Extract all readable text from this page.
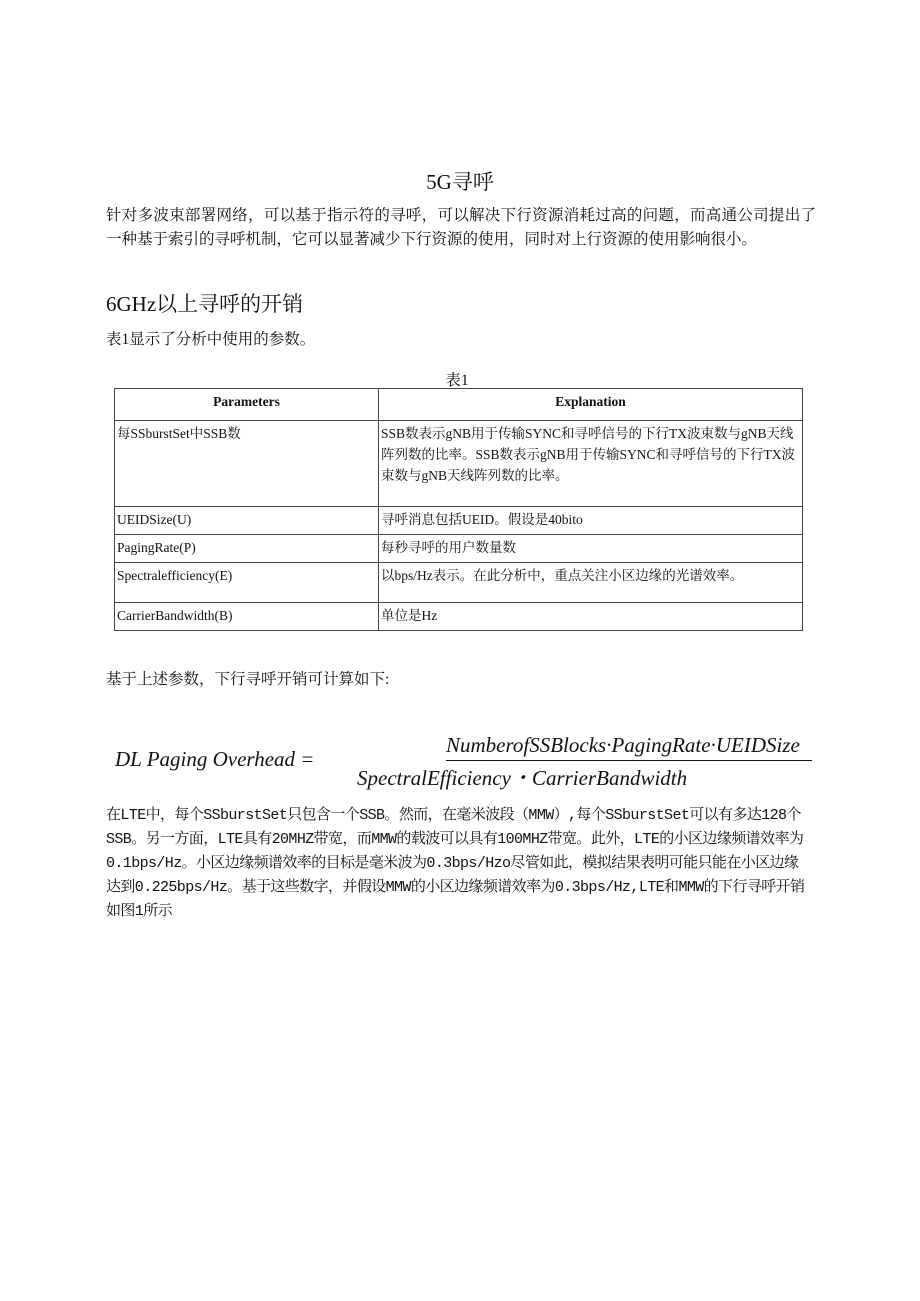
5G寻呼
针对多波束部署网络，可以基于指示符的寻呼，可以解决下行资源消耗过高的问题，而高通公司提出了一种基于索引的寻呼机制，它可以显著减少下行资源的使用，同时对上行资源的使用影响很小。
6GHz以上寻呼的开销
表1显示了分析中使用的参数。
表1
Parameters	Explanation
每SSburstSet中SSB数	SSB数表示gNB用于传输SYNC和寻呼信号的下行TX波束数与gNB天线阵列数的比率。SSB数表示gNB用于传输SYNC和寻呼信号的下行TX波束数与gNB天线阵列数的比率。
UEIDSize(U)	寻呼消息包括UEID。假设是40bito
PagingRate(P)	每秒寻呼的用户数量数
Spectralefficiency(E)	以bps/Hz表示。在此分析中，重点关注小区边缘的光谱效率。
CarrierBandwidth(B)	单位是Hz
基于上述参数，下行寻呼开销可计算如下:
DL Paging Overhead =
NumberofSSBlocks·PagingRate·UEIDSize
SpectralEfficiency・CarrierBandwidth
在LTE中，每个SSburstSet只包含一个SSB。然而，在毫米波段（MMW）,每个SSburstSet可以有多达128个SSB。另一方面，LTE具有20MHZ带宽，而MMW的载波可以具有100MHZ带宽。此外，LTE的小区边缘频谱效率为0.1bps/Hz。小区边缘频谱效率的目标是毫米波为0.3bps/Hzo尽管如此，模拟结果表明可能只能在小区边缘达到0.225bps/Hz。基于这些数字，并假设MMW的小区边缘频谱效率为0.3bps/Hz,LTE和MMW的下行寻呼开销如图1所示
